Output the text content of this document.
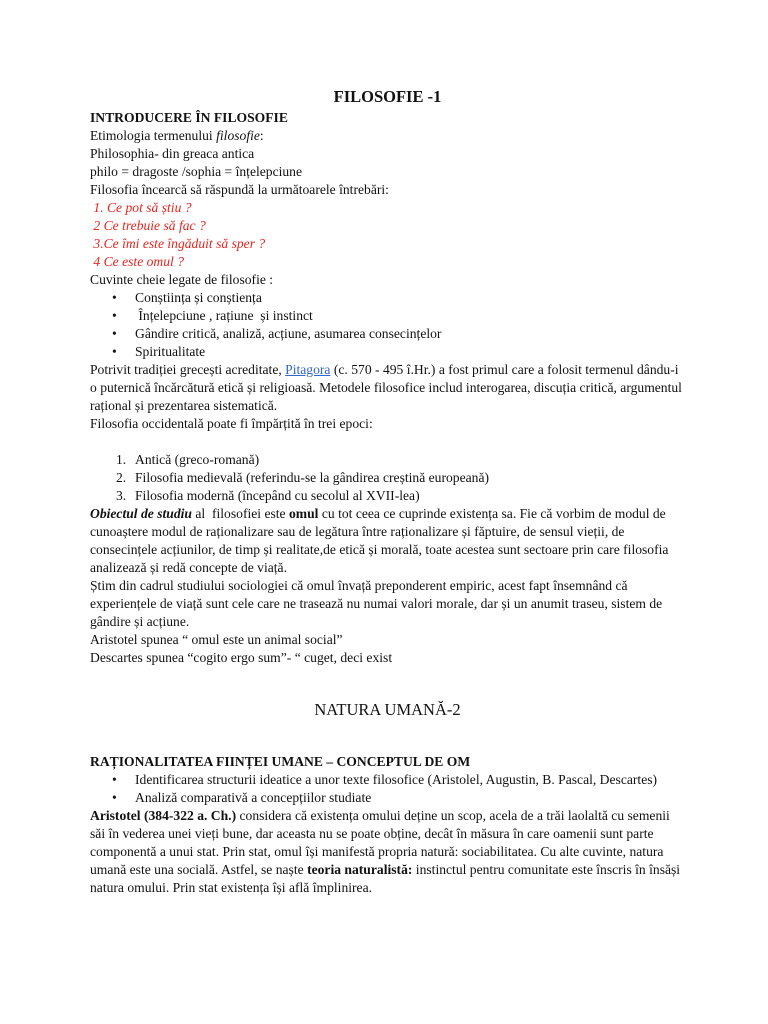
FILOSOFIE -1

INTRODUCERE ÎN FILOSOFIE

Etimologia termenului filosofie:

Philosophia- din greaca antica

philo = dragoste /sophia = înțelepciune

Filosofia încearcă să răspundă la următoarele întrebări:

1. Ce pot să știu ?

2 Ce trebuie să fac ?

3.Ce îmi este îngăduit să sper ?

4 Ce este omul ?

Cuvinte cheie legate de filosofie :

• Conștiința și conștiența
•  Înțelepciune , rațiune  și instinct
• Gândire critică, analiză, acțiune, asumarea consecințelor
• Spiritualitate

Potrivit tradiției grecești acreditate, Pitagora (c. 570 - 495 î.Hr.) a fost primul care a folosit termenul dându-i o puternică încărcătură etică și religioasă. Metodele filosofice includ interogarea, discuția critică, argumentul rațional și prezentarea sistematică.

Filosofia occidentală poate fi împărțită în trei epoci:

1. Antică (greco-romană)
2. Filosofia medievală (referindu-se la gândirea creștină europeană)
3. Filosofia modernă (începând cu secolul al XVII-lea)

Obiectul de studiu al  filosofiei este omul cu tot ceea ce cuprinde existența sa. Fie că vorbim de modul de cunoaștere modul de raționalizare sau de legătura între raționalizare și făptuire, de sensul vieții, de consecințele acțiunilor, de timp și realitate,de etică și morală, toate acestea sunt sectoare prin care filosofia analizează și redă concepte de viață.

Știm din cadrul studiului sociologiei că omul învață preponderent empiric, acest fapt însemnând că experiențele de viață sunt cele care ne trasează nu numai valori morale, dar și un anumit traseu, sistem de gândire și acțiune.

Aristotel spunea “ omul este un animal social”

Descartes spunea “cogito ergo sum”- “ cuget, deci exist

NATURA UMANĂ-2

RAȚIONALITATEA FIINȚEI UMANE – CONCEPTUL DE OM

• Identificarea structurii ideatice a unor texte filosofice (Aristolel, Augustin, B. Pascal, Descartes)
• Analiză comparativă a concepțiilor studiate

Aristotel (384-322 a. Ch.) considera că existența omului deține un scop, acela de a trăi laolaltă cu semenii săi în vederea unei vieți bune, dar aceasta nu se poate obține, decât în măsura în care oamenii sunt parte componentă a unui stat. Prin stat, omul își manifestă propria natură: sociabilitatea. Cu alte cuvinte, natura umană este una socială. Astfel, se naște teoria naturalistă: instinctul pentru comunitate este înscris în însăși natura omului. Prin stat existența își află împlinirea.
